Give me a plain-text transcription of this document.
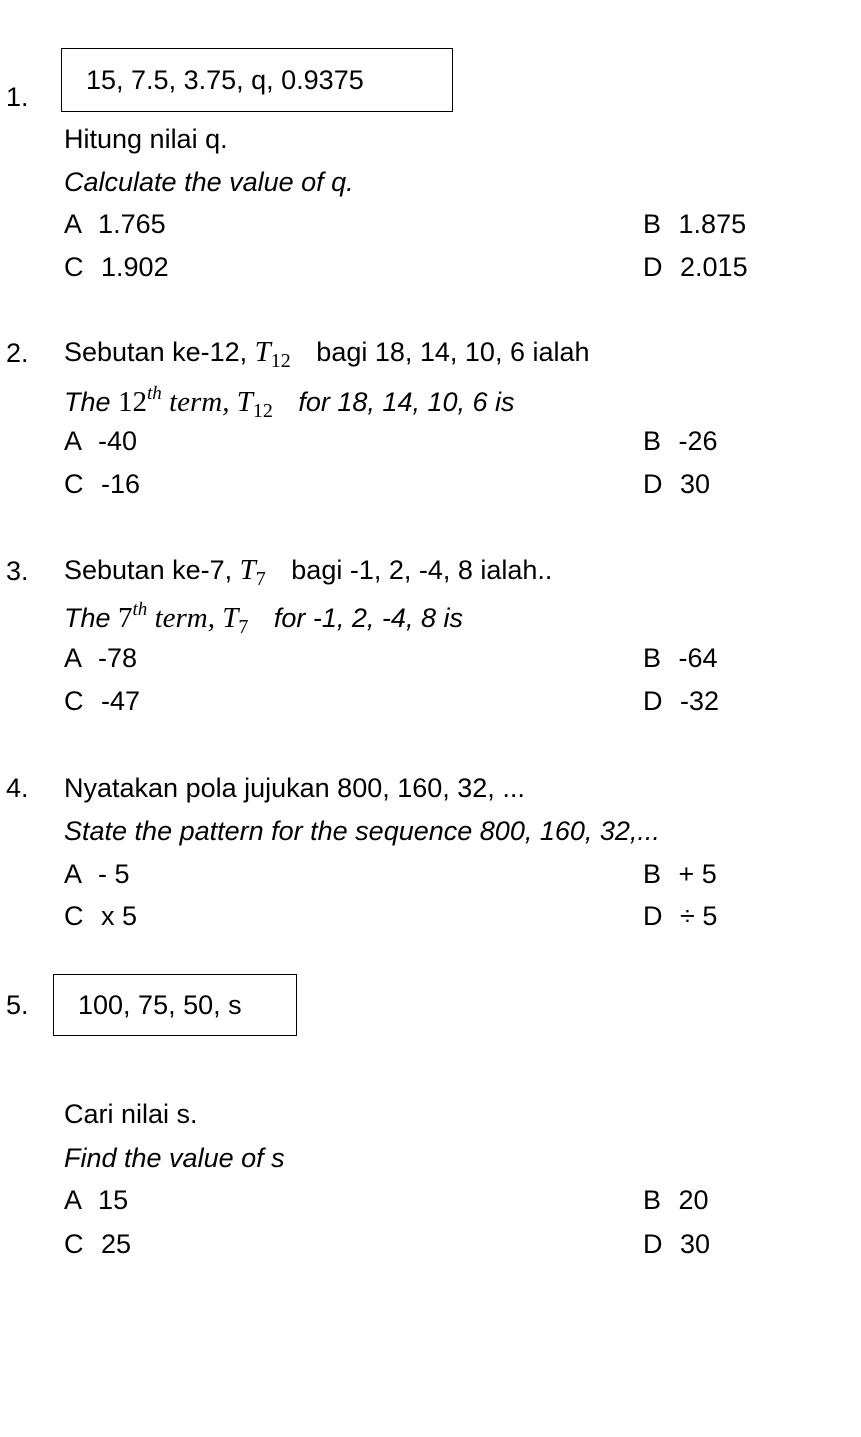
1.
15, 7.5, 3.75, q, 0.9375
Hitung nilai q.
Calculate the value of q.
A 1.765	B 1.875
C 1.902	D 2.015
2. Sebutan ke-12, $T_{12}$ bagi 18, 14, 10, 6 ialah
The 12th term, $T_{12}$ for 18, 14, 10, 6 is
A -40	B -26
C -16	D 30
3. Sebutan ke-7, $T_7$ bagi -1, 2, -4, 8 ialah..
The 7th term, $T_7$ for -1, 2, -4, 8 is
A -78	B -64
C -47	D -32
4. Nyatakan pola jujukan 800, 160, 32, ...
State the pattern for the sequence 800, 160, 32,...
A - 5	B + 5
C x 5	D ÷ 5
5. 100, 75, 50, s
Cari nilai s.
Find the value of s
A 15	B 20
C 25	D 30
